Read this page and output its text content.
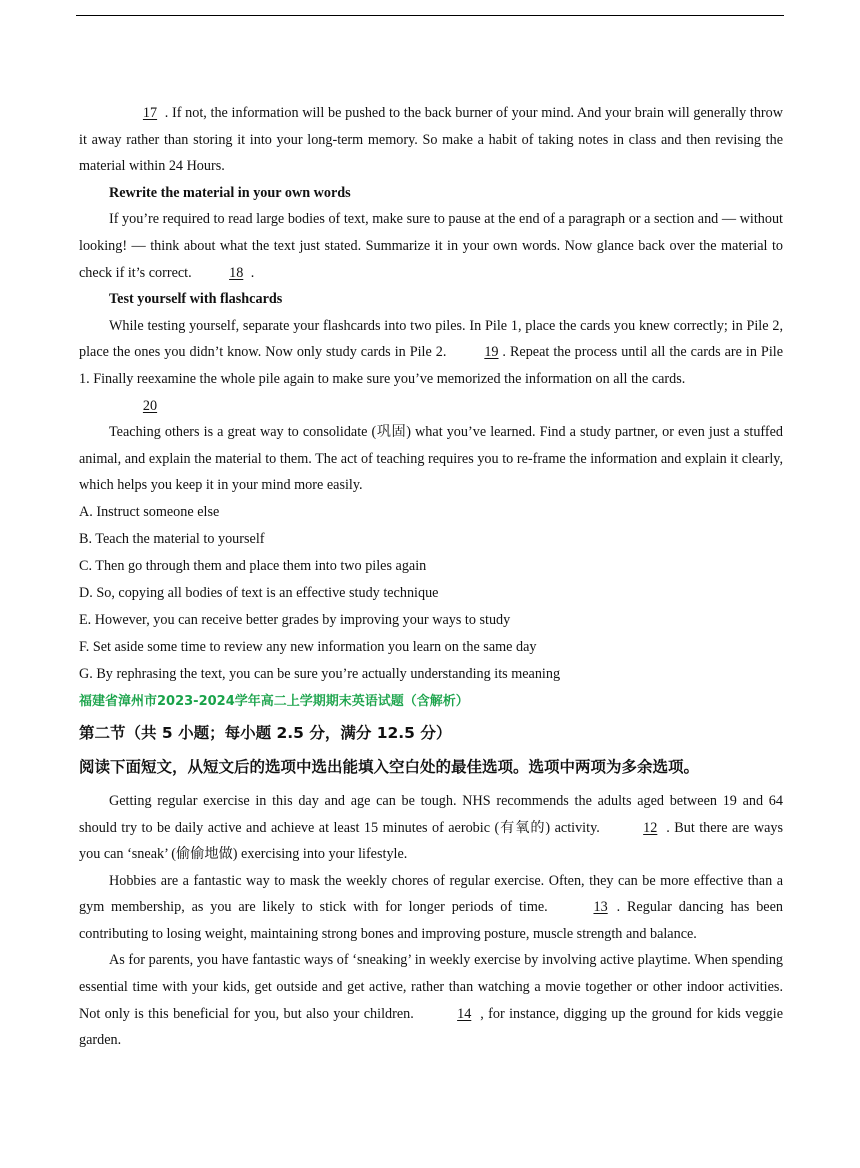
17 . If not, the information will be pushed to the back burner of your mind. And your brain will generally throw it away rather than storing it into your long-term memory. So make a habit of taking notes in class and then revising the material within 24 Hours.

Rewrite the material in your own words

If you’re required to read large bodies of text, make sure to pause at the end of a paragraph or a section and — without looking! — think about what the text just stated. Summarize it in your own words. Now glance back over the material to check if it’s correct.	18 .

Test yourself with flashcards

While testing yourself, separate your flashcards into two piles. In Pile 1, place the cards you knew correctly; in Pile 2, place the ones you didn’t know. Now only study cards in Pile 2.	19 . Repeat the process until all the cards are in Pile 1. Finally reexamine the whole pile again to make sure you’ve memorized the information on all the cards.

20

Teaching others is a great way to consolidate (巩固) what you’ve learned. Find a study partner, or even just a stuffed animal, and explain the material to them. The act of teaching requires you to re-frame the information and explain it clearly, which helps you keep it in your mind more easily.

A. Instruct someone else

B. Teach the material to yourself

C. Then go through them and place them into two piles again

D. So, copying all bodies of text is an effective study technique

E. However, you can receive better grades by improving your ways to study

F. Set aside some time to review any new information you learn on the same day

G. By rephrasing the text, you can be sure you’re actually understanding its meaning

福建省漳州市2023-2024学年高二上学期期末英语试题（含解析）

第二节（共 5 小题；每小题 2.5 分，满分 12.5 分）

阅读下面短文，从短文后的选项中选出能填入空白处的最佳选项。选项中两项为多余选项。

Getting regular exercise in this day and age can be tough. NHS recommends the adults aged between 19 and 64 should try to be daily active and achieve at least 15 minutes of aerobic (有氧的) activity.	12 . But there are ways you can ‘sneak’ (偷偷地做) exercising into your lifestyle.

Hobbies are a fantastic way to mask the weekly chores of regular exercise. Often, they can be more effective than a gym membership, as you are likely to stick with for longer periods of time.	13 . Regular dancing has been contributing to losing weight, maintaining strong bones and improving posture, muscle strength and balance.

As for parents, you have fantastic ways of ‘sneaking’ in weekly exercise by involving active playtime. When spending essential time with your kids, get outside and get active, rather than watching a movie together or other indoor activities. Not only is this beneficial for you, but also your children.	14 , for instance, digging up the ground for kids veggie garden.
